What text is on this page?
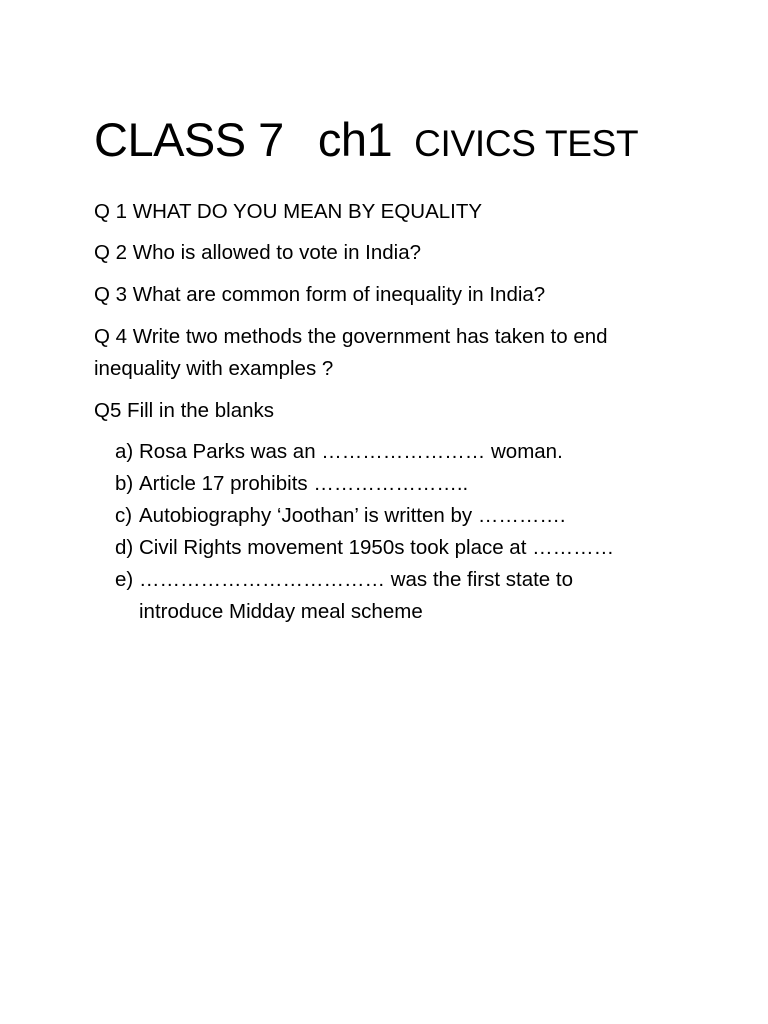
CLASS 7 ch1 CIVICS TEST
Q 1 WHAT DO YOU MEAN BY EQUALITY
Q 2 Who is allowed to vote in India?
Q 3 What are common form of inequality in India?
Q 4 Write two methods the government has taken to end inequality with examples ?
Q5 Fill in the blanks
a) Rosa Parks was an …………………… woman.
b) Article 17 prohibits …………………..
c) Autobiography ‘Joothan’ is written by ………….
d) Civil Rights movement 1950s took place at …………
e) ……………………………… was the first state to introduce Midday meal scheme
